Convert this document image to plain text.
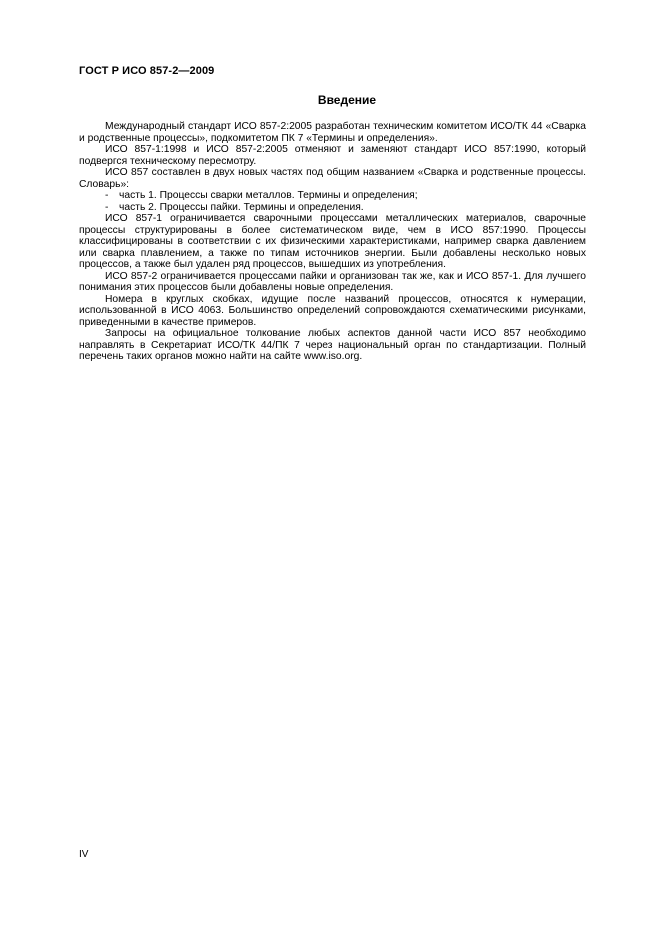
ГОСТ Р ИСО 857-2—2009
Введение

Международный стандарт ИСО 857-2:2005 разработан техническим комитетом ИСО/ТК 44 «Сварка и родственные процессы», подкомитетом ПК 7 «Термины и определения».

ИСО 857-1:1998 и ИСО 857-2:2005 отменяют и заменяют стандарт ИСО 857:1990, который подвергся техническому пересмотру.

ИСО 857 составлен в двух новых частях под общим названием «Сварка и родственные процессы. Словарь»:

- часть 1. Процессы сварки металлов. Термины и определения;
- часть 2. Процессы пайки. Термины и определения.

ИСО 857-1 ограничивается сварочными процессами металлических материалов, сварочные процессы структурированы в более систематическом виде, чем в ИСО 857:1990. Процессы классифицированы в соответствии с их физическими характеристиками, например сварка давлением или сварка плавлением, а также по типам источников энергии. Были добавлены несколько новых процессов, а также был удален ряд процессов, вышедших из употребления.

ИСО 857-2 ограничивается процессами пайки и организован так же, как и ИСО 857-1. Для лучшего понимания этих процессов были добавлены новые определения.

Номера в круглых скобках, идущие после названий процессов, относятся к нумерации, использованной в ИСО 4063. Большинство определений сопровождаются схематическими рисунками, приведенными в качестве примеров.

Запросы на официальное толкование любых аспектов данной части ИСО 857 необходимо направлять в Секретариат ИСО/ТК 44/ПК 7 через национальный орган по стандартизации. Полный перечень таких органов можно найти на сайте www.iso.org.

IV
